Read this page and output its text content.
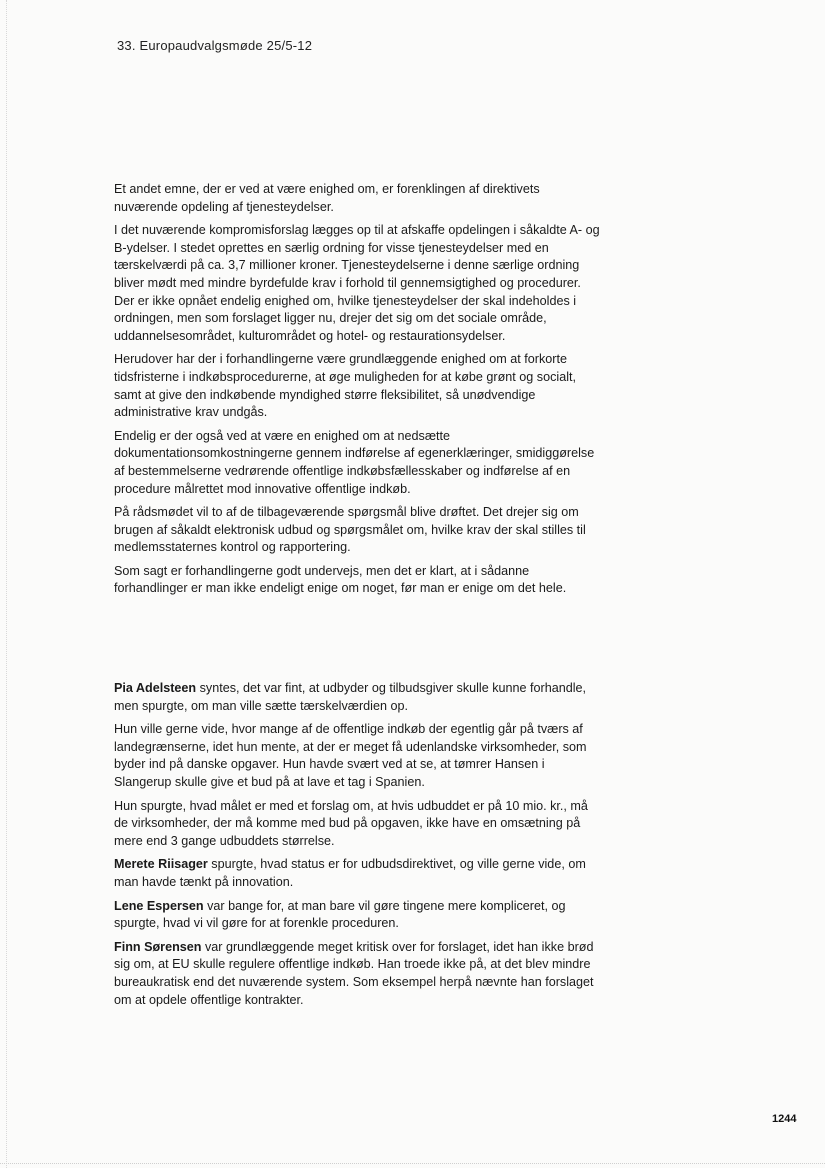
33. Europaudvalgsmøde 25/5-12

Et andet emne, der er ved at være enighed om, er forenklingen af direktivets nuværende opdeling af tjenesteydelser.

I det nuværende kompromisforslag lægges op til at afskaffe opdelingen i såkaldte A- og B-ydelser. I stedet oprettes en særlig ordning for visse tjenesteydelser med en tærskelværdi på ca. 3,7 millioner kroner. Tjenesteydelserne i denne særlige ordning bliver mødt med mindre byrdefulde krav i forhold til gennemsigtighed og procedurer. Der er ikke opnået endelig enighed om, hvilke tjenesteydelser der skal indeholdes i ordningen, men som forslaget ligger nu, drejer det sig om det sociale område, uddannelsesområdet, kulturområdet og hotel- og restaurationsydelser.

Herudover har der i forhandlingerne være grundlæggende enighed om at forkorte tidsfristerne i indkøbsprocedurerne, at øge muligheden for at købe grønt og socialt, samt at give den indkøbende myndighed større fleksibilitet, så unødvendige administrative krav undgås.

Endelig er der også ved at være en enighed om at nedsætte dokumentationsomkostningerne gennem indførelse af egenerklæringer, smidiggørelse af bestemmelserne vedrørende offentlige indkøbsfællesskaber og indførelse af en procedure målrettet mod innovative offentlige indkøb.

På rådsmødet vil to af de tilbageværende spørgsmål blive drøftet. Det drejer sig om brugen af såkaldt elektronisk udbud og spørgsmålet om, hvilke krav der skal stilles til medlemsstaternes kontrol og rapportering.

Som sagt er forhandlingerne godt undervejs, men det er klart, at i sådanne forhandlinger er man ikke endeligt enige om noget, før man er enige om det hele.

Pia Adelsteen syntes, det var fint, at udbyder og tilbudsgiver skulle kunne forhandle, men spurgte, om man ville sætte tærskelværdien op.

Hun ville gerne vide, hvor mange af de offentlige indkøb der egentlig går på tværs af landegrænserne, idet hun mente, at der er meget få udenlandske virksomheder, som byder ind på danske opgaver. Hun havde svært ved at se, at tømrer Hansen i Slangerup skulle give et bud på at lave et tag i Spanien.

Hun spurgte, hvad målet er med et forslag om, at hvis udbuddet er på 10 mio. kr., må de virksomheder, der må komme med bud på opgaven, ikke have en omsætning på mere end 3 gange udbuddets størrelse.

Merete Riisager spurgte, hvad status er for udbudsdirektivet, og ville gerne vide, om man havde tænkt på innovation.

Lene Espersen var bange for, at man bare vil gøre tingene mere kompliceret, og spurgte, hvad vi vil gøre for at forenkle proceduren.

Finn Sørensen var grundlæggende meget kritisk over for forslaget, idet han ikke brød sig om, at EU skulle regulere offentlige indkøb. Han troede ikke på, at det blev mindre bureaukratisk end det nuværende system. Som eksempel herpå nævnte han forslaget om at opdele offentlige kontrakter.

1244
